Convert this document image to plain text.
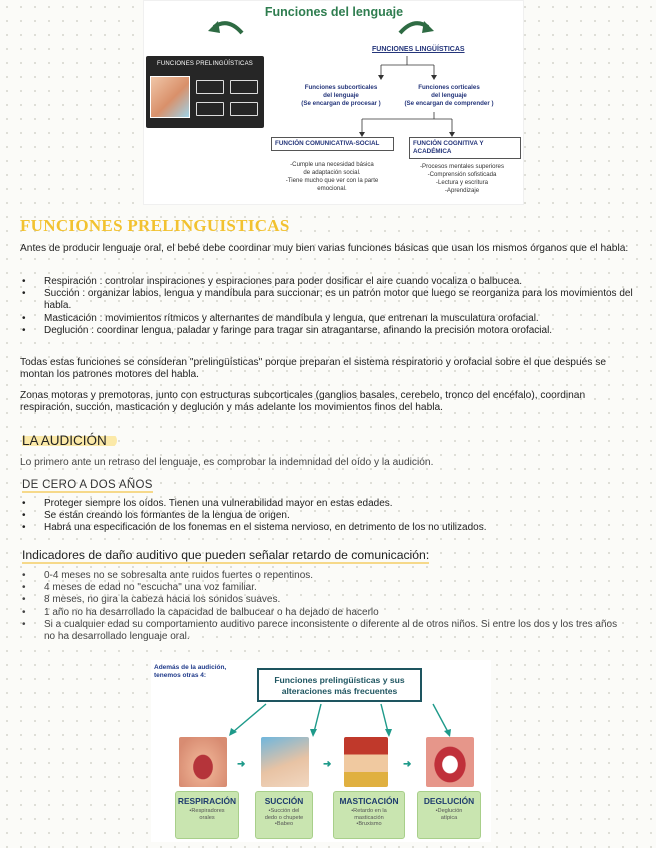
Funciones del lenguaje
FUNCIONES PRELINGÜÍSTICAS
FUNCIONES LINGÜÍSTICAS
Funciones subcorticales
del lenguaje
(Se encargan de procesar )
Funciones corticales
del lenguaje
(Se encargan de comprender )
FUNCIÓN COMUNICATIVA-SOCIAL	FUNCIÓN COGNITIVA Y
ACADÉMICA
-Cumple una necesidad básica
de adaptación social.
-Tiene mucho que ver con la parte
emocional.
-Procesos mentales superiores
-Comprensión sofisticada
-Lectura y escritura
-Aprendizaje
FUNCIONES PRELINGUISTICAS
Antes de producir lenguaje oral, el bebé debe coordinar muy bien varias funciones básicas que usan los mismos órganos que el habla:
• Respiración : controlar inspiraciones y espiraciones para poder dosificar el aire cuando vocaliza o balbucea.
• Succión : organizar labios, lengua y mandíbula para succionar; es un patrón motor que luego se reorganiza para los movimientos del habla.
• Masticación : movimientos rítmicos y alternantes de mandíbula y lengua, que entrenan la musculatura orofacial.
• Deglución : coordinar lengua, paladar y faringe para tragar sin atragantarse, afinando la precisión motora orofacial.
Todas estas funciones se consideran "prelingüísticas" porque preparan el sistema respiratorio y orofacial sobre el que después se montan los patrones motores del habla.
Zonas motoras y premotoras, junto con estructuras subcorticales (ganglios basales, cerebelo, tronco del encéfalo), coordinan respiración, succión, masticación y deglución y más adelante los movimientos finos del habla.
LA AUDICIÓN
Lo primero ante un retraso del lenguaje, es comprobar la indemnidad del oído y la audición.
DE CERO A DOS AÑOS
• Proteger siempre los oídos. Tienen una vulnerabilidad mayor en estas edades.
• Se están creando los formantes de la lengua de origen.
• Habrá una especificación de los fonemas en el sistema nervioso, en detrimento de los no utilizados.
Indicadores de daño auditivo que pueden señalar retardo de comunicación:
• 0-4 meses no se sobresalta ante ruidos fuertes o repentinos.
• 4 meses de edad no "escucha" una voz familiar.
• 8 meses, no gira la cabeza hacia los sonidos suaves.
• 1 año no ha desarrollado la capacidad de balbucear o ha dejado de hacerlo
• Si a cualquier edad su comportamiento auditivo parece inconsistente o diferente al de otros niños. Si entre los dos y los tres años no ha desarrollado lenguaje oral.
Además de la audición,
tenemos otras 4:	Funciones prelingüísticas y sus
alteraciones más frecuentes
➜	➜	➜
RESPIRACIÓN
•Respiradores
orales
SUCCIÓN
•Succión del
dedo o chupete
•Babeo
MASTICACIÓN
•Retardo en la
masticación
•Bruxismo
DEGLUCIÓN
•Deglución
atípica
